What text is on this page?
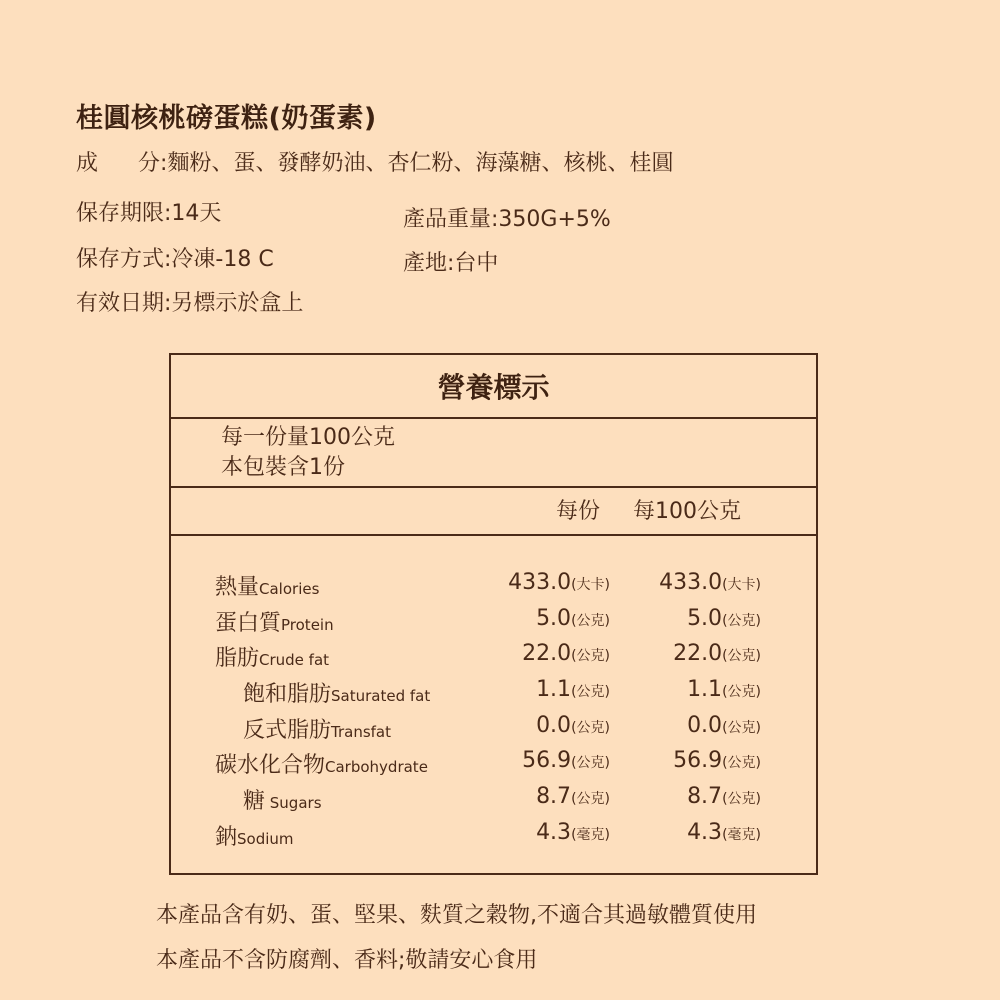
桂圓核桃磅蛋糕(奶蛋素)
成 分:麵粉、蛋、發酵奶油、杏仁粉、海藻糖、核桃、桂圓
保存期限:14天	產品重量:350G+5%
保存方式:冷凍-18 C	產地:台中
有效日期:另標示於盒上
營養標示
每一份量100公克
本包裝含1份
每份 每100公克
熱量Calories	433.0(大卡) 433.0(大卡)
蛋白質Protein	5.0(公克)	5.0(公克)
脂肪Crude fat	22.0(公克)	22.0(公克)
飽和脂肪Saturated fat	1.1(公克)	1.1(公克)
反式脂肪Transfat	0.0(公克)	0.0(公克)
碳水化合物Carbohydrate	56.9(公克)	56.9(公克)
糖 Sugars	8.7(公克)	8.7(公克)
鈉Sodium	4.3(毫克)	4.3(毫克)
本產品含有奶、蛋、堅果、麩質之穀物,不適合其過敏體質使用
本產品不含防腐劑、香料;敬請安心食用
